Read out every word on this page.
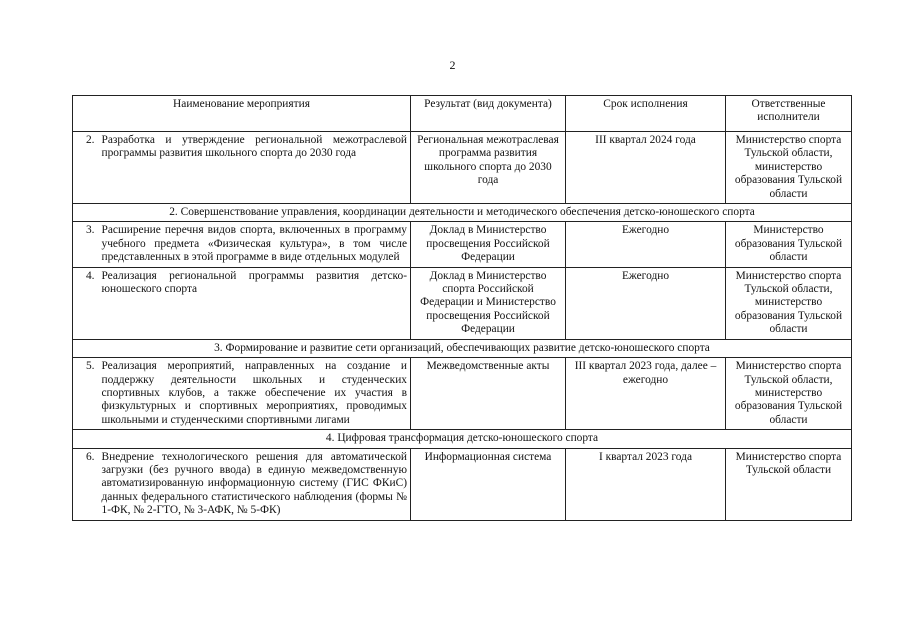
2
Наименование мероприятия		Результат (вид документа)	Срок исполнения	Ответственные исполнители
2.	Разработка и утверждение региональной межотраслевой программы развития школьного спорта до 2030 года	Региональная межотраслевая программа развития школьного спорта до 2030 года	III квартал 2024 года	Министерство спорта Тульской области, министерство образования Тульской области
2. Совершенствование управления, координации деятельности и методического обеспечения детско-юношеского спорта				
3.	Расширение перечня видов спорта, включенных в программу учебного предмета «Физическая культура», в том числе представленных в этой программе в виде отдельных модулей	Доклад в Министерство просвещения Российской Федерации	Ежегодно	Министерство образования Тульской области
4.	Реализация региональной программы развития детско-юношеского спорта	Доклад в Министерство спорта Российской Федерации и Министерство просвещения Российской Федерации	Ежегодно	Министерство спорта Тульской области, министерство образования Тульской области
3. Формирование и развитие сети организаций, обеспечивающих развитие детско-юношеского спорта				
5.	Реализация мероприятий, направленных на создание и поддержку деятельности школьных и студенческих спортивных клубов, а также обеспечение их участия в физкультурных и спортивных мероприятиях, проводимых школьными и студенческими спортивными лигами	Межведомственные акты	III квартал 2023 года, далее – ежегодно	Министерство спорта Тульской области, министерство образования Тульской области
4. Цифровая трансформация детско-юношеского спорта				
6.	Внедрение технологического решения для автоматической загрузки (без ручного ввода) в единую межведомственную автоматизированную информационную систему (ГИС ФКиС) данных федерального статистического наблюдения (формы № 1-ФК, № 2-ГТО, № 3-АФК, № 5-ФК)	Информационная система	I квартал 2023 года	Министерство спорта Тульской области
